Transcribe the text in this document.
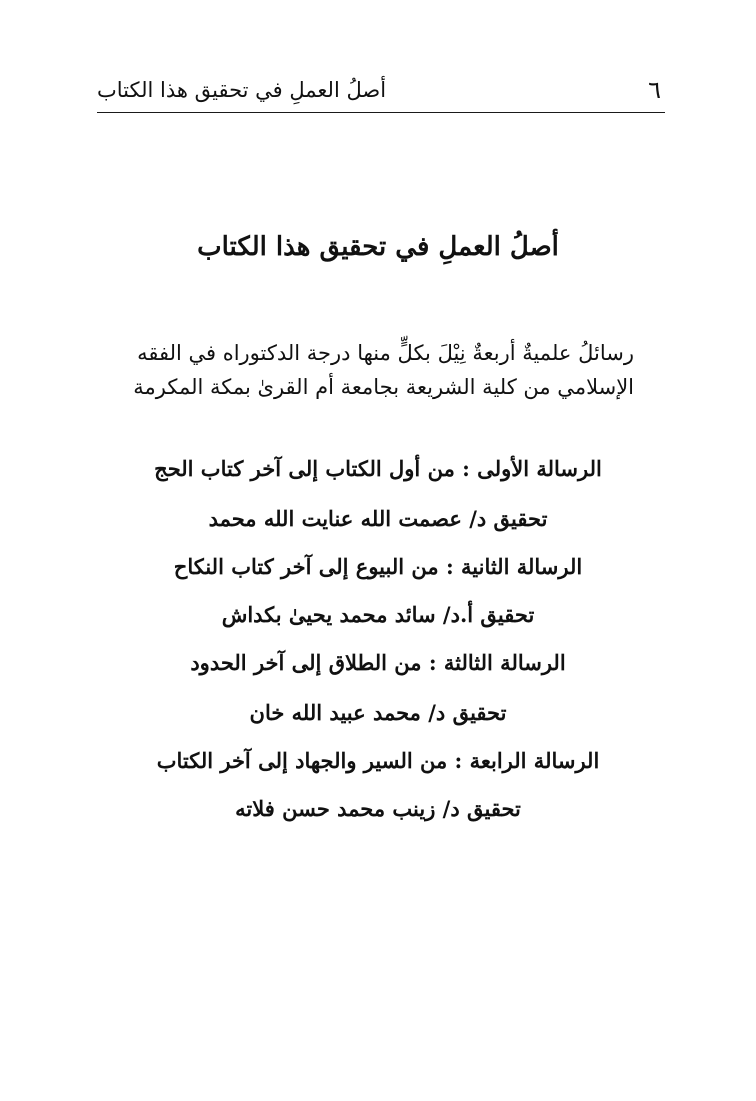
٦
أصلُ العملِ في تحقيق هذا الكتاب
أصلُ العملِ في تحقيق هذا الكتاب
رسائلُ علميةٌ أربعةٌ نِيْلَ بكلٍّ منها درجة الدكتوراه في الفقه
الإسلامي من كلية الشريعة بجامعة أم القرىٰ بمكة المكرمة
الرسالة الأولى : من أول الكتاب إلى آخر كتاب الحج
تحقيق د/ عصمت الله عنايت الله محمد
الرسالة الثانية : من البيوع إلى آخر كتاب النكاح
تحقيق أ.د/ سائد محمد يحيىٰ بكداش
الرسالة الثالثة : من الطلاق إلى آخر الحدود
تحقيق د/ محمد عبيد الله خان
الرسالة الرابعة : من السير والجهاد إلى آخر الكتاب
تحقيق د/ زينب محمد حسن فلاته
